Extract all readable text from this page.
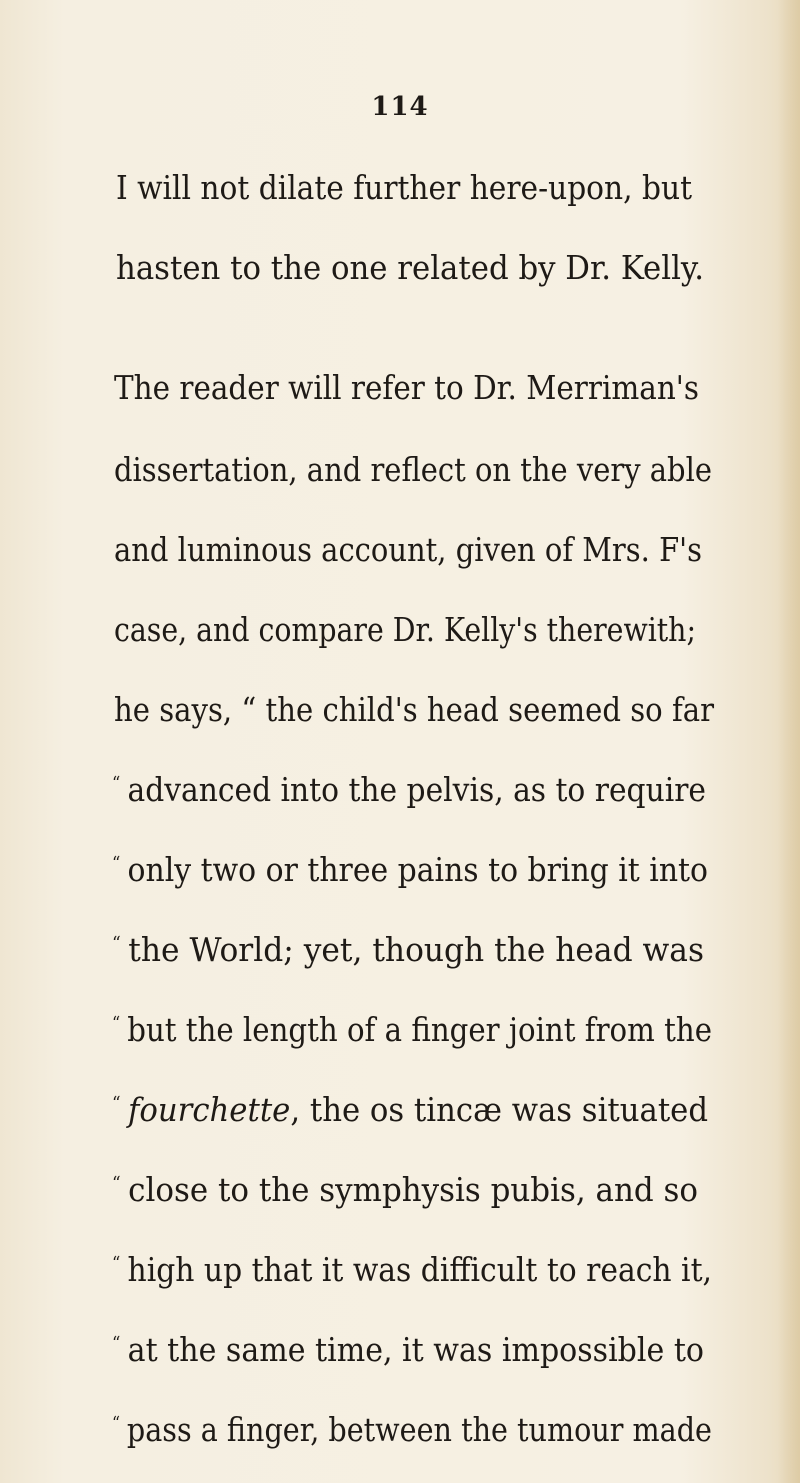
114
I will not dilate further here-upon, but
hasten to the one related by Dr. Kelly.
The reader will refer to Dr. Merriman's
dissertation, and reflect on the very able
and luminous account, given of Mrs. F's
case, and compare Dr. Kelly's therewith;
he says, “ the child's head seemed so far
“ advanced into the pelvis, as to require
“ only two or three pains to bring it into
“ the World; yet, though the head was
“ but the length of a finger joint from the
“ fourchette, the os tincæ was situated
“ close to the symphysis pubis, and so
“ high up that it was difficult to reach it,
“ at the same time, it was impossible to
“ pass a finger, between the tumour made
